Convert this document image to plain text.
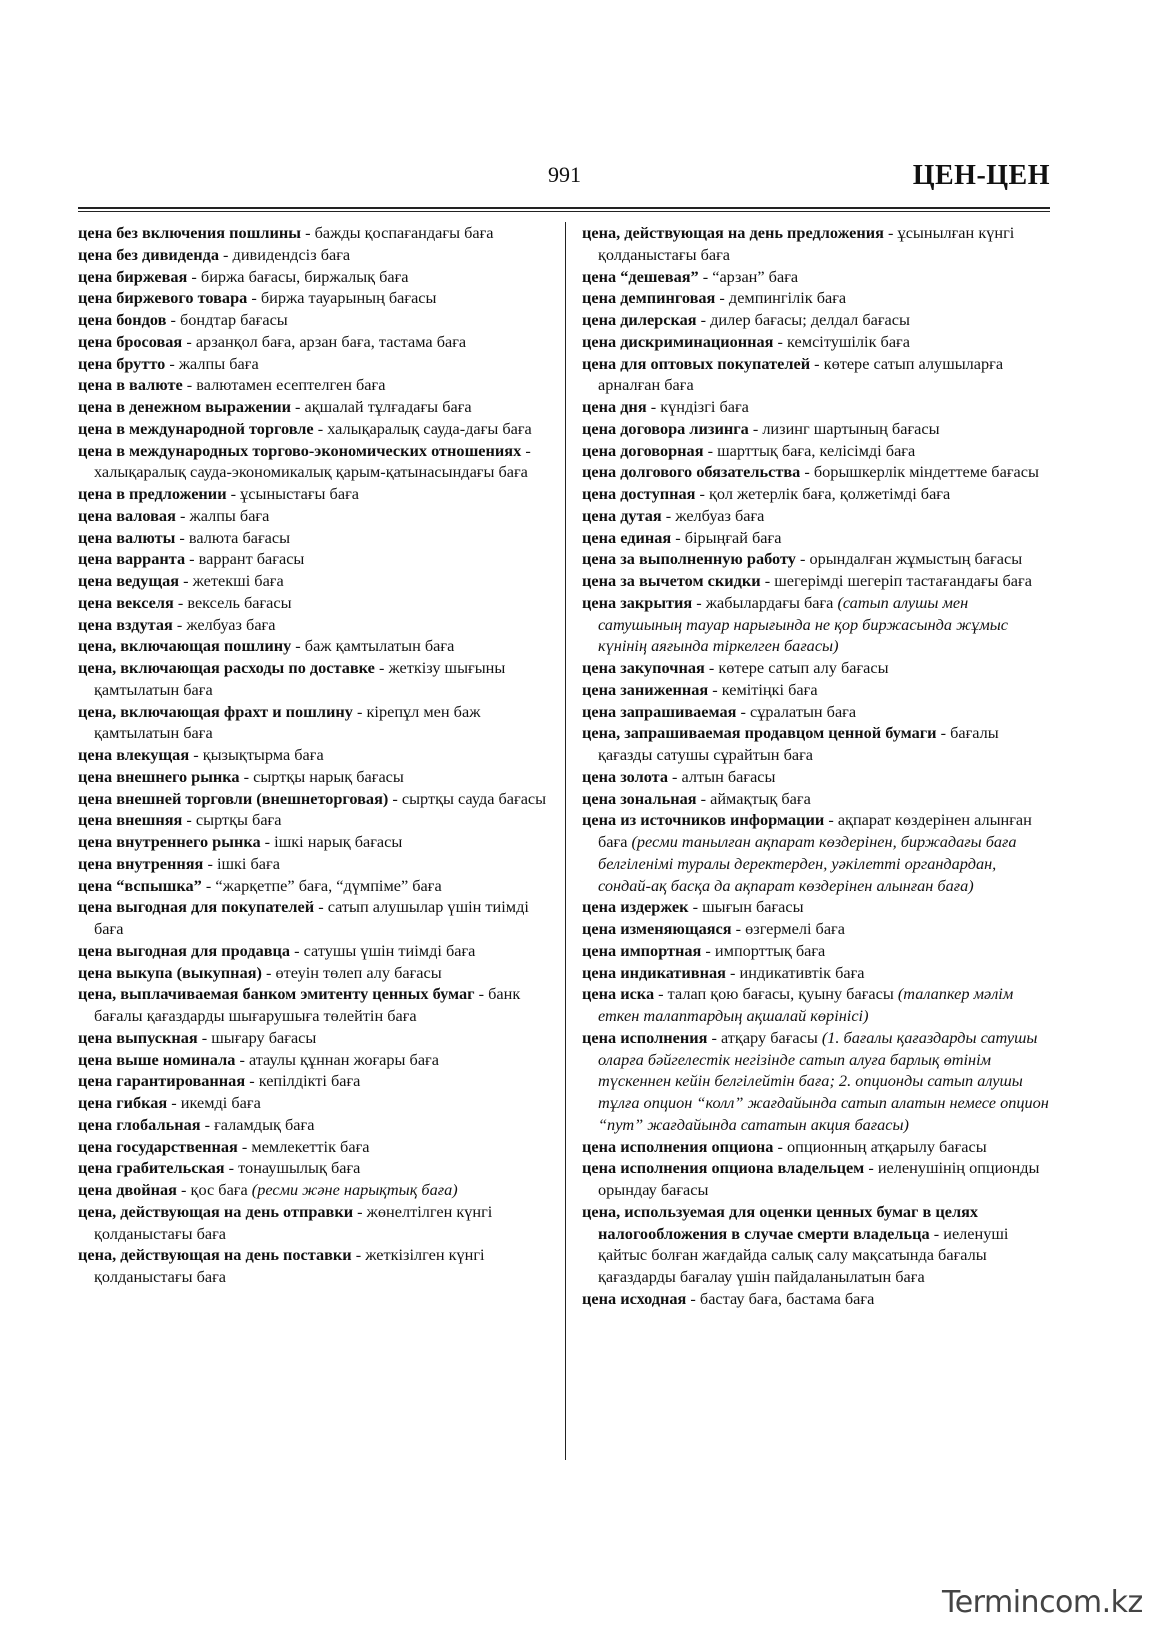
991	ЦЕН-ЦЕН

цена без включения пошлины - бажды қоспағандағы баға

цена без дивиденда - дивидендсіз баға

цена биржевая - биржа бағасы, биржалық баға

цена биржевого товара - биржа тауарының бағасы

цена бондов - бондтар бағасы

цена бросовая - арзанқол баға, арзан баға, тастама баға

цена брутто - жалпы баға

цена в валюте - валютамен есептелген баға

цена в денежном выражении - ақшалай тұлғадағы баға

цена в международной торговле - халықаралық сауда-дағы баға

цена в международных торгово-экономических отношениях - халықаралық сауда-экономикалық қарым-қатынасындағы баға

цена в предложении - ұсыныстағы баға

цена валовая - жалпы баға

цена валюты - валюта бағасы

цена варранта - варрант бағасы

цена ведущая - жетекші баға

цена векселя - вексель бағасы

цена вздутая - желбуаз баға

цена, включающая пошлину - баж қамтылатын баға

цена, включающая расходы по доставке - жеткізу шығыны қамтылатын баға

цена, включающая фрахт и пошлину - кірепұл мен баж қамтылатын баға

цена влекущая - қызықтырма баға

цена внешнего рынка - сыртқы нарық бағасы

цена внешней торговли (внешнеторговая) - сыртқы сауда бағасы

цена внешняя - сыртқы баға

цена внутреннего рынка - ішкі нарық бағасы

цена внутренняя - ішкі баға

цена “вспышка” - “жарқетпе” баға, “дүмпіме” баға

цена выгодная для покупателей - сатып алушылар үшін тиімді баға

цена выгодная для продавца - сатушы үшін тиімді баға

цена выкупа (выкупная) - өтеуін төлеп алу бағасы

цена, выплачиваемая банком эмитенту ценных бумаг - банк бағалы қағаздарды шығарушыға төлейтін баға

цена выпускная - шығару бағасы

цена выше номинала - атаулы құннан жоғары баға

цена гарантированная - кепілдікті баға

цена гибкая - икемді баға

цена глобальная - ғаламдық баға

цена государственная - мемлекеттік баға

цена грабительская - тонаушылық баға

цена двойная - қос баға (ресми және нарықтық баға)

цена, действующая на день отправки - жөнелтілген күнгі қолданыстағы баға

цена, действующая на день поставки - жеткізілген күнгі қолданыстағы баға

цена, действующая на день предложения - ұсынылған күнгі қолданыстағы баға

цена “дешевая” - “арзан” баға

цена демпинговая - демпингілік баға

цена дилерская - дилер бағасы; делдал бағасы

цена дискриминационная - кемсітушілік баға

цена для оптовых покупателей - көтере сатып алушыларға арналған баға

цена дня - күндізгі баға

цена договора лизинга - лизинг шартының бағасы

цена договорная - шарттық баға, келісімді баға

цена долгового обязательства - борышкерлік міндеттеме бағасы

цена доступная - қол жетерлік баға, қолжетімді баға

цена дутая - желбуаз баға

цена единая - бірыңғай баға

цена за выполненную работу - орындалған жұмыстың бағасы

цена за вычетом скидки - шегерімді шегеріп тастағандағы баға

цена закрытия - жабылардағы баға (сатып алушы мен сатушының тауар нарығында не қор биржасында жұмыс күнінің аяғында тіркелген бағасы)

цена закупочная - көтере сатып алу бағасы

цена заниженная - кемітіңкі баға

цена запрашиваемая - сұралатын баға

цена, запрашиваемая продавцом ценной бумаги - бағалы қағазды сатушы сұрайтын баға

цена золота - алтын бағасы

цена зональная - аймақтық баға

цена из источников информации - ақпарат көздерінен алынған баға (ресми танылған ақпарат көздерінен, биржадағы баға белгіленімі туралы деректерден, уәкілетті органдардан, сондай-ақ басқа да ақпарат көздерінен алынған баға)

цена издержек - шығын бағасы

цена изменяющаяся - өзгермелі баға

цена импортная - импорттық баға

цена индикативная - индикативтік баға

цена иска - талап қою бағасы, қуыну бағасы (талапкер мәлім еткен талаптардың ақшалай көрінісі)

цена исполнения - атқару бағасы (1. бағалы қағаздарды сатушы оларға бәйгелестік негізінде сатып алуға барлық өтінім түскеннен кейін белгілейтін баға; 2. опционды сатып алушы тұлға опцион “колл” жағдайында сатып алатын немесе опцион “пут” жағдайында сататын акция бағасы)

цена исполнения опциона - опционның атқарылу бағасы

цена исполнения опциона владельцем - иеленушінің опционды орындау бағасы

цена, используемая для оценки ценных бумаг в целях налогообложения в случае смерти владельца - иеленуші қайтыс болған жағдайда салық салу мақсатында бағалы қағаздарды бағалау үшін пайдаланылатын баға

цена исходная - бастау баға, бастама баға

Termincom.kz
